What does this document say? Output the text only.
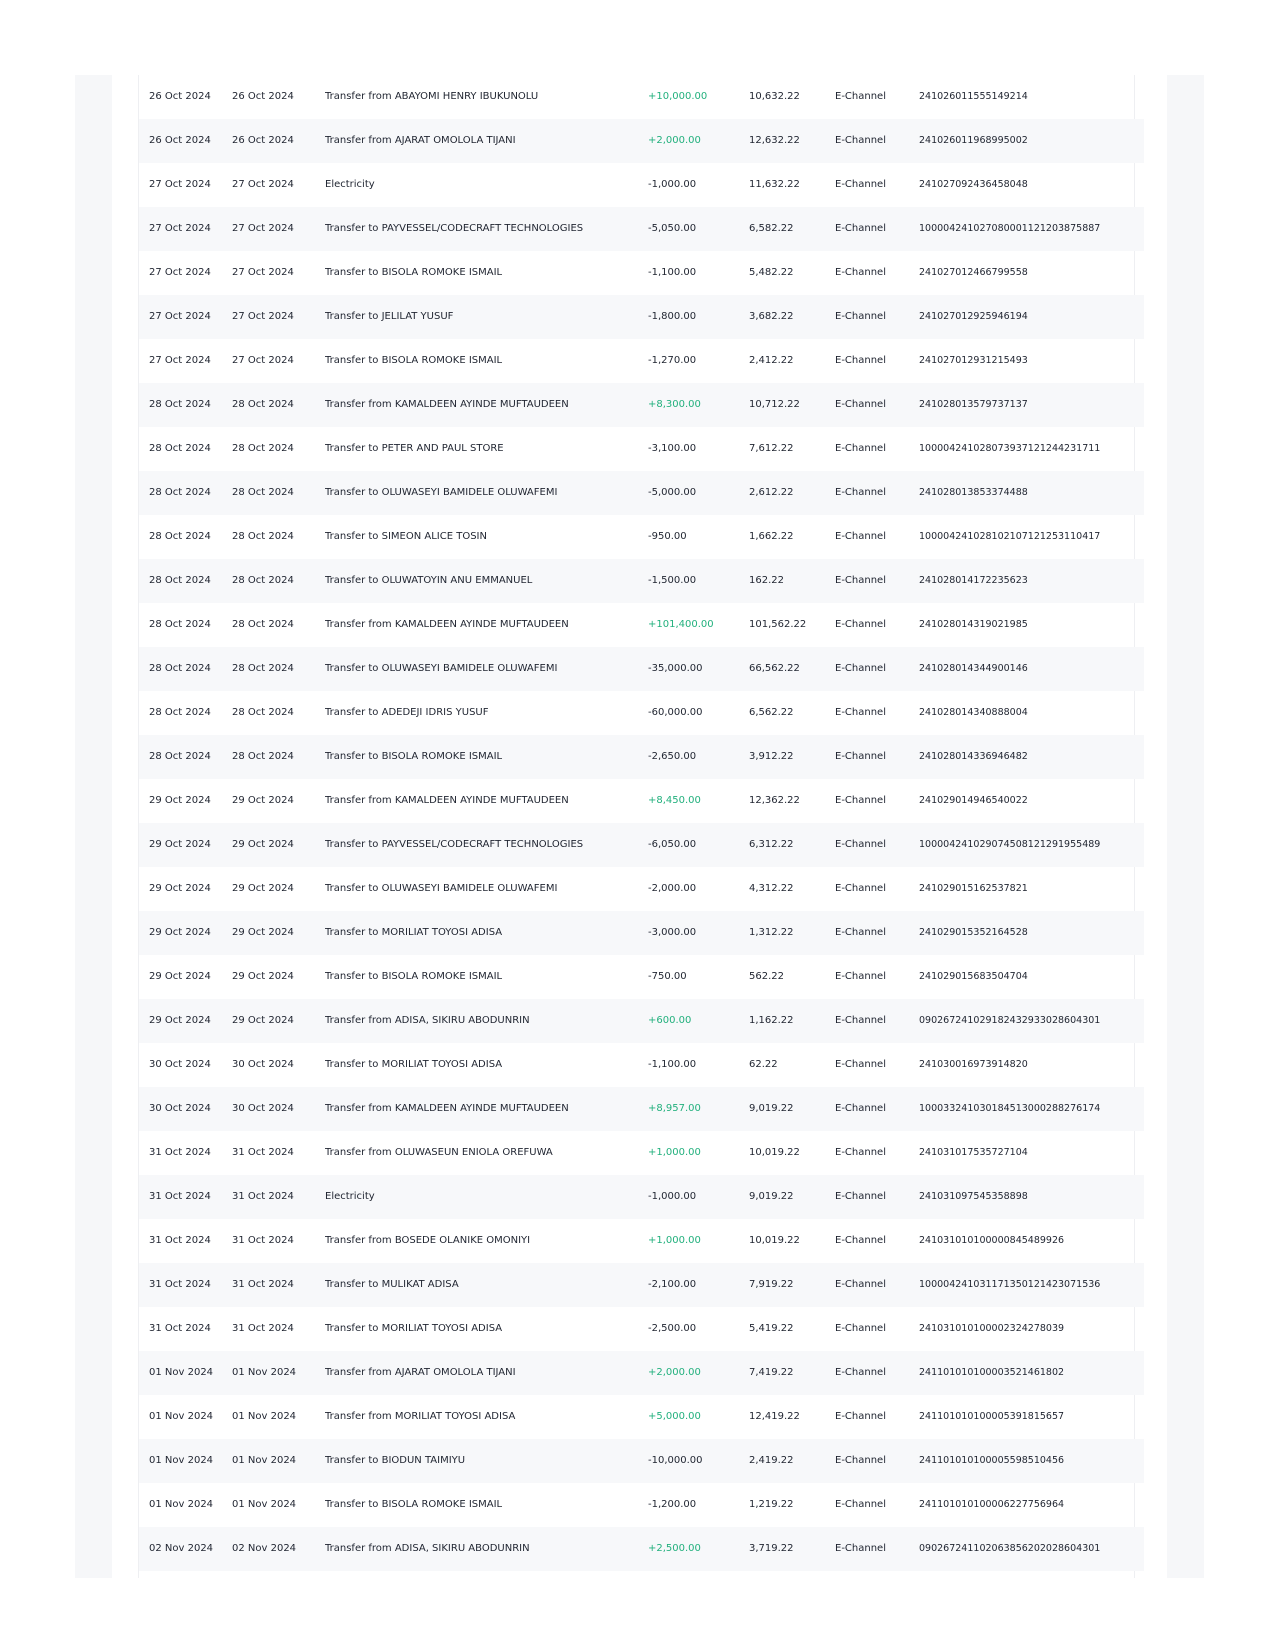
26 Oct 2024	26 Oct 2024	Transfer from ABAYOMI HENRY IBUKUNOLU	+10,000.00	10,632.22	E-Channel	241026011555149214
26 Oct 2024	26 Oct 2024	Transfer from AJARAT OMOLOLA TIJANI	+2,000.00	12,632.22	E-Channel	241026011968995002
27 Oct 2024	27 Oct 2024	Electricity	-1,000.00	11,632.22	E-Channel	241027092436458048
27 Oct 2024	27 Oct 2024	Transfer to PAYVESSEL/CODECRAFT TECHNOLOGIES	-5,050.00	6,582.22	E-Channel	100004241027080001121203875887
27 Oct 2024	27 Oct 2024	Transfer to BISOLA ROMOKE ISMAIL	-1,100.00	5,482.22	E-Channel	241027012466799558
27 Oct 2024	27 Oct 2024	Transfer to JELILAT YUSUF	-1,800.00	3,682.22	E-Channel	241027012925946194
27 Oct 2024	27 Oct 2024	Transfer to BISOLA ROMOKE ISMAIL	-1,270.00	2,412.22	E-Channel	241027012931215493
28 Oct 2024	28 Oct 2024	Transfer from KAMALDEEN AYINDE MUFTAUDEEN	+8,300.00	10,712.22	E-Channel	241028013579737137
28 Oct 2024	28 Oct 2024	Transfer to PETER AND PAUL STORE	-3,100.00	7,612.22	E-Channel	100004241028073937121244231711
28 Oct 2024	28 Oct 2024	Transfer to OLUWASEYI BAMIDELE OLUWAFEMI	-5,000.00	2,612.22	E-Channel	241028013853374488
28 Oct 2024	28 Oct 2024	Transfer to SIMEON ALICE TOSIN	-950.00	1,662.22	E-Channel	100004241028102107121253110417
28 Oct 2024	28 Oct 2024	Transfer to OLUWATOYIN ANU EMMANUEL	-1,500.00	162.22	E-Channel	241028014172235623
28 Oct 2024	28 Oct 2024	Transfer from KAMALDEEN AYINDE MUFTAUDEEN	+101,400.00	101,562.22	E-Channel	241028014319021985
28 Oct 2024	28 Oct 2024	Transfer to OLUWASEYI BAMIDELE OLUWAFEMI	-35,000.00	66,562.22	E-Channel	241028014344900146
28 Oct 2024	28 Oct 2024	Transfer to ADEDEJI IDRIS YUSUF	-60,000.00	6,562.22	E-Channel	241028014340888004
28 Oct 2024	28 Oct 2024	Transfer to BISOLA ROMOKE ISMAIL	-2,650.00	3,912.22	E-Channel	241028014336946482
29 Oct 2024	29 Oct 2024	Transfer from KAMALDEEN AYINDE MUFTAUDEEN	+8,450.00	12,362.22	E-Channel	241029014946540022
29 Oct 2024	29 Oct 2024	Transfer to PAYVESSEL/CODECRAFT TECHNOLOGIES	-6,050.00	6,312.22	E-Channel	100004241029074508121291955489
29 Oct 2024	29 Oct 2024	Transfer to OLUWASEYI BAMIDELE OLUWAFEMI	-2,000.00	4,312.22	E-Channel	241029015162537821
29 Oct 2024	29 Oct 2024	Transfer to MORILIAT TOYOSI ADISA	-3,000.00	1,312.22	E-Channel	241029015352164528
29 Oct 2024	29 Oct 2024	Transfer to BISOLA ROMOKE ISMAIL	-750.00	562.22	E-Channel	241029015683504704
29 Oct 2024	29 Oct 2024	Transfer from ADISA, SIKIRU ABODUNRIN	+600.00	1,162.22	E-Channel	090267241029182432933028604301
30 Oct 2024	30 Oct 2024	Transfer to MORILIAT TOYOSI ADISA	-1,100.00	62.22	E-Channel	241030016973914820
30 Oct 2024	30 Oct 2024	Transfer from KAMALDEEN AYINDE MUFTAUDEEN	+8,957.00	9,019.22	E-Channel	100033241030184513000288276174
31 Oct 2024	31 Oct 2024	Transfer from OLUWASEUN ENIOLA OREFUWA	+1,000.00	10,019.22	E-Channel	241031017535727104
31 Oct 2024	31 Oct 2024	Electricity	-1,000.00	9,019.22	E-Channel	241031097545358898
31 Oct 2024	31 Oct 2024	Transfer from BOSEDE OLANIKE OMONIYI	+1,000.00	10,019.22	E-Channel	241031010100000845489926
31 Oct 2024	31 Oct 2024	Transfer to MULIKAT ADISA	-2,100.00	7,919.22	E-Channel	100004241031171350121423071536
31 Oct 2024	31 Oct 2024	Transfer to MORILIAT TOYOSI ADISA	-2,500.00	5,419.22	E-Channel	241031010100002324278039
01 Nov 2024	01 Nov 2024	Transfer from AJARAT OMOLOLA TIJANI	+2,000.00	7,419.22	E-Channel	241101010100003521461802
01 Nov 2024	01 Nov 2024	Transfer from MORILIAT TOYOSI ADISA	+5,000.00	12,419.22	E-Channel	241101010100005391815657
01 Nov 2024	01 Nov 2024	Transfer to BIODUN TAIMIYU	-10,000.00	2,419.22	E-Channel	241101010100005598510456
01 Nov 2024	01 Nov 2024	Transfer to BISOLA ROMOKE ISMAIL	-1,200.00	1,219.22	E-Channel	241101010100006227756964
02 Nov 2024	02 Nov 2024	Transfer from ADISA, SIKIRU ABODUNRIN	+2,500.00	3,719.22	E-Channel	090267241102063856202028604301
